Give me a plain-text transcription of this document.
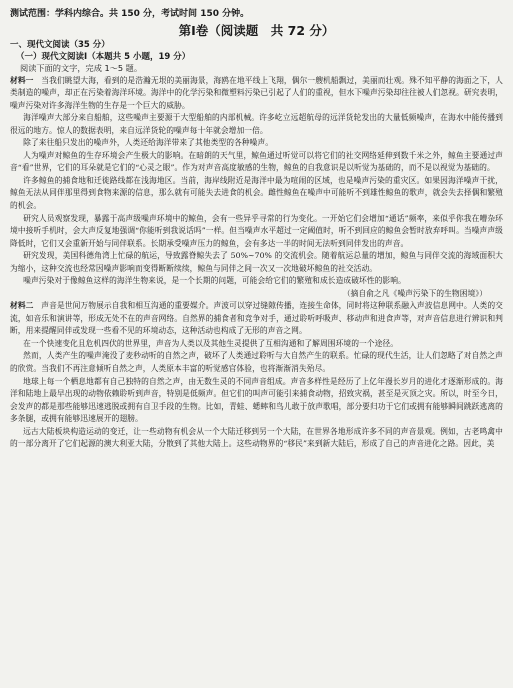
测试范围：学科内综合。共 150 分，考试时间 150 分钟。
第Ⅰ卷（阅读题　共 72 分）
一、现代文阅读（35 分）
（一）现代文阅读Ⅰ（本题共 5 小题，19 分）
阅读下面的文字，完成 1～5 题。

材料一　当我们眺望大海，看到的是浩瀚无垠的美丽海景，海鸥在地平线上飞翔，偶尔一艘机船飘过，美丽而壮观。殊不知平静的海面之下，人类制造的噪声，却正在污染着海洋环境。海洋中的化学污染和微塑料污染已引起了人们的重视，但水下噪声污染却往往被人们忽视。研究表明，噪声污染对许多海洋生物的生存是一个巨大的威胁。

海洋噪声大部分来自船舶，这些噪声主要源于大型船舶的内部机械。许多屹立远超航母的远洋货轮发出的大量低频噪声，在海水中能传播到很远的地方。惊人的数据表明，来自远洋货轮的噪声每十年就会增加一倍。

除了来往船只发出的噪声外，人类还给海洋带来了其他类型的各种噪声。

人为噪声对鲸鱼的生存环境会产生极大的影响。在暗朗的天气里，鲸鱼通过听觉可以将它们的社交网络延伸到数千米之外，鲸鱼主要通过声音“看”世界，它们的耳朵就是它们的“心灵之眼”。作为对声音高度敏感的生物，鲸鱼的自我意识是以听觉为基础的，而不是以视觉为基础的。

许多鲸鱼的捕食地和迁徙路线都在浅海地区。当前，海岸线附近是海洋中最为喧闹的区域，也是噪声污染的重灾区。如果因海洋噪声干扰，鲸鱼无法从同伴那里得到食物来源的信息，那么就有可能失去进食的机会。雌性鲸鱼在噪声中可能听不到雄性鲸鱼的歌声，就会失去择偶和繁殖的机会。

研究人员观察发现，暴露于高声级噪声环境中的鲸鱼，会有一些异乎寻常的行为变化。一开始它们会增加“通话”频率，来似乎你我在嘈杂环境中接听手机时，会大声反复地强调“你能听到我说话吗”一样。但当噪声水平超过一定阈值时，听不到回应的鲸鱼会暂时放弃呼叫。当噪声声级降低时，它们又会重新开始与同伴联系。长期承受噪声压力的鲸鱼，会有多达一半的时间无法听到同伴发出的声音。

研究发现，美国科德角湾上忙碌的航运，导致露脊鲸失去了 50%~70% 的交流机会。随着航运总量的增加，鲸鱼与同伴交流的海域面积大为缩小，这种交流也经常因噪声影响而变得断断续续，鲸鱼与同伴之间一次又一次地破坏鲸鱼的社交活动。

噪声污染对于像鲸鱼这样的海洋生物来说，是一个长期的问题，可能会给它们的繁殖和成长造成破坏性的影响。

（摘自俞之凡《噪声污染下的生物困境》）

材料二　声音是世间万物展示自我和相互沟通的重要媒介。声波可以穿过缝隙传播，连接生命体，同时将这种联系融入声波信息网中。人类的交流，如音乐和演讲等，形成无处不在的声音网络。自然界的捕食者和竞争对手，通过聆听呼吸声、移动声和进食声等，对声音信息进行辨识和判断，用来提醒同伴或发现一些看不见的环境动态，这种活动也构成了无形的声音之网。

在一个快速变化且危机四伏的世界里，声音为人类以及其他生灵提供了互相沟通和了解周围环境的一个途径。

然而，人类产生的噪声淹没了麦秒动听的自然之声，破坏了人类通过聆听与大自然产生的联系。忙碌的现代生活，让人们忽略了对自然之声的欣赏。当我们不再注意倾听自然之声，人类原本丰富的听觉感官体验，也将渐渐消失殆尽。

地球上每一个栖息地都有自己独特的自然之声，由无数生灵的不同声音组成。声音多样性是经历了上亿年漫长岁月的进化才逐渐形成的。海洋和陆地上最早出现的动物依赖聆听到声音，特别是低频声。但它们的叫声可能引来捕食动物，招致灾祸，甚至是灭顶之灾。所以，时至今日，会发声的都是那些能够迅速逃脱或拥有自卫手段的生物。比如，青蛙、蟋蟀和鸟儿敢于放声歌唱，部分要归功于它们或拥有能够瞬间跳跃逃离的多条腿，或拥有能够迅速展开的翅膀。

远古大陆板块构造运动的变迁，让一些动物有机会从一个大陆迁移到另一个大陆，在世界各地形成许多不同的声音景观。例如，古老鸣禽中的一部分离开了它们起源的澳大利亚大陆，分散到了其他大陆上。这些动物界的“移民”来到新大陆后，形成了自己的声音进化之路。因此，美
